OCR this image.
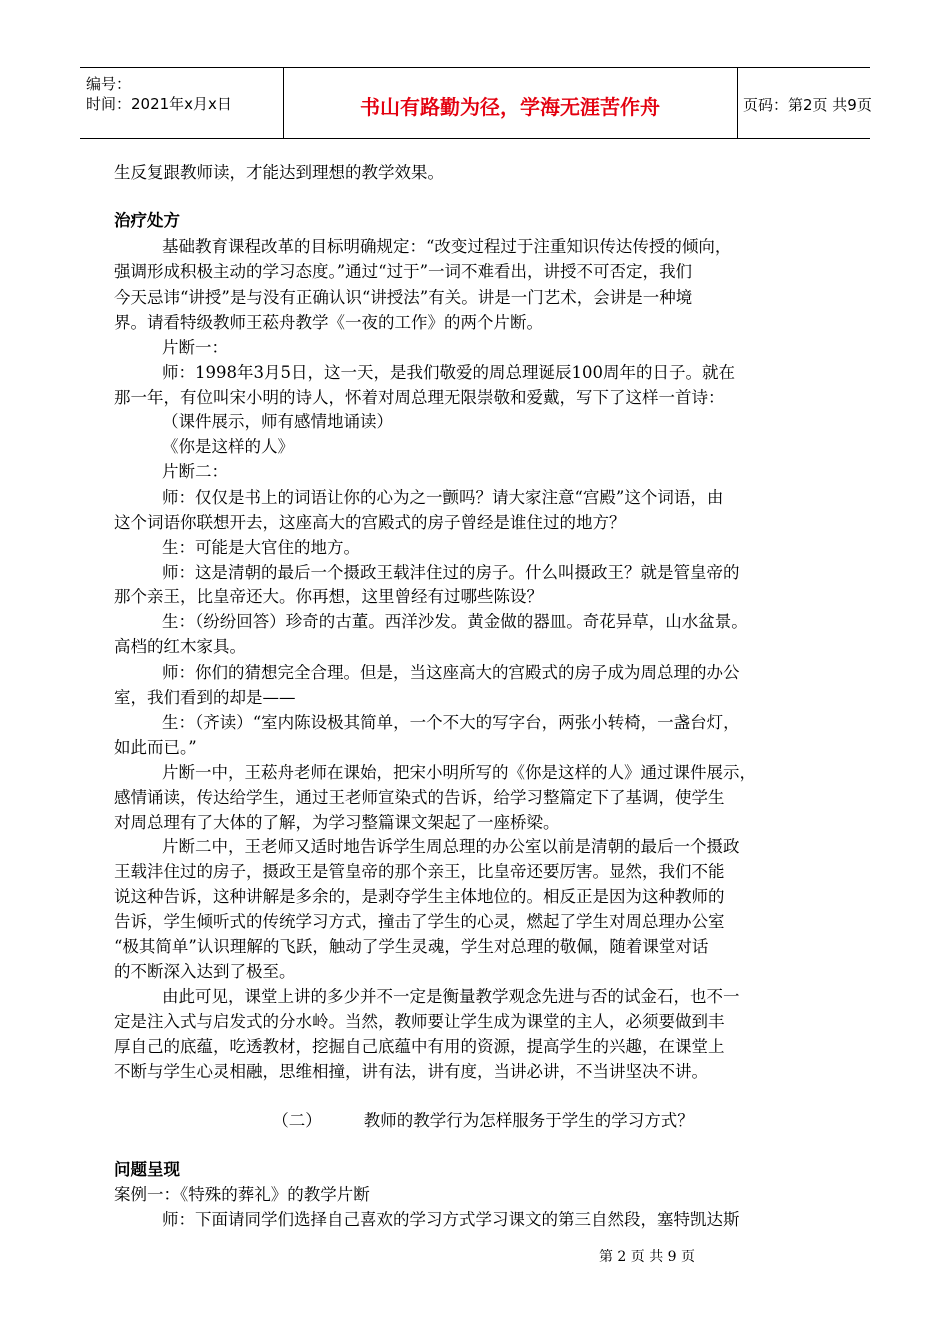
编号：
时间：2021年x月x日	书山有路勤为径，学海无涯苦作舟	页码：第2页 共9页
生反复跟教师读，才能达到理想的教学效果。
治疗处方
基础教育课程改革的目标明确规定：“改变过程过于注重知识传达传授的倾向，
强调形成积极主动的学习态度。”通过“过于”一词不难看出，讲授不可否定，我们
今天忌讳“讲授”是与没有正确认识“讲授法”有关。讲是一门艺术，会讲是一种境
界。请看特级教师王菘舟教学《一夜的工作》的两个片断。
片断一：
师：1998年3月5日，这一天，是我们敬爱的周总理诞辰100周年的日子。就在
那一年，有位叫宋小明的诗人，怀着对周总理无限崇敬和爱戴，写下了这样一首诗：
（课件展示，师有感情地诵读）
《你是这样的人》
片断二：
师：仅仅是书上的词语让你的心为之一颤吗？请大家注意“宫殿”这个词语，由
这个词语你联想开去，这座高大的宫殿式的房子曾经是谁住过的地方？
生：可能是大官住的地方。
师：这是清朝的最后一个摄政王载沣住过的房子。什么叫摄政王？就是管皇帝的
那个亲王，比皇帝还大。你再想，这里曾经有过哪些陈设？
生：（纷纷回答）珍奇的古董。西洋沙发。黄金做的器皿。奇花异草，山水盆景。
高档的红木家具。
师：你们的猜想完全合理。但是，当这座高大的宫殿式的房子成为周总理的办公
室，我们看到的却是——
生：（齐读）“室内陈设极其简单，一个不大的写字台，两张小转椅，一盏台灯，
如此而已。”
片断一中，王菘舟老师在课始，把宋小明所写的《你是这样的人》通过课件展示，
感情诵读，传达给学生，通过王老师宣染式的告诉，给学习整篇定下了基调，使学生
对周总理有了大体的了解，为学习整篇课文架起了一座桥梁。
片断二中，王老师又适时地告诉学生周总理的办公室以前是清朝的最后一个摄政
王载沣住过的房子，摄政王是管皇帝的那个亲王，比皇帝还要厉害。显然，我们不能
说这种告诉，这种讲解是多余的，是剥夺学生主体地位的。相反正是因为这种教师的
告诉，学生倾听式的传统学习方式，撞击了学生的心灵，燃起了学生对周总理办公室
“极其简单”认识理解的飞跃，触动了学生灵魂，学生对总理的敬佩，随着课堂对话
的不断深入达到了极至。
由此可见，课堂上讲的多少并不一定是衡量教学观念先进与否的试金石，也不一
定是注入式与启发式的分水岭。当然，教师要让学生成为课堂的主人，必须要做到丰
厚自己的底蕴，吃透教材，挖掘自己底蕴中有用的资源，提高学生的兴趣，在课堂上
不断与学生心灵相融，思维相撞，讲有法，讲有度，当讲必讲，不当讲坚决不讲。
（二）        教师的教学行为怎样服务于学生的学习方式？
问题呈现
案例一：《特殊的葬礼》的教学片断
师：下面请同学们选择自己喜欢的学习方式学习课文的第三自然段，塞特凯达斯
第 2 页 共 9 页
